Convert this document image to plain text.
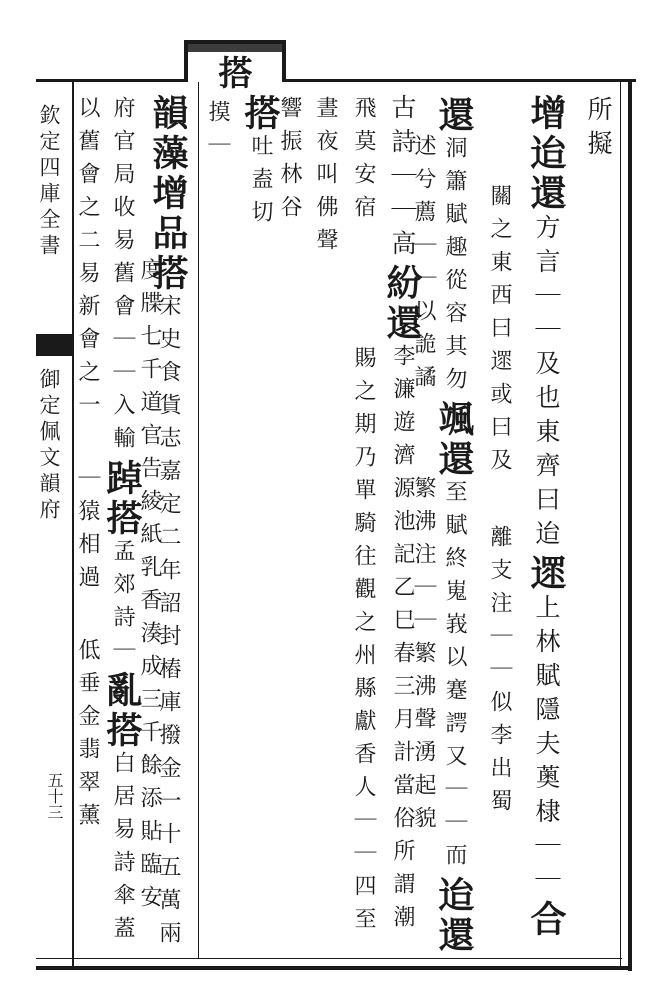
搭
欽定四庫全書
御定佩文韻府
五十三
所擬
增迨還方言｜｜及也東齊曰迨遝上林賦隱夫薁棣｜｜合
關之東西曰遝或曰及離支注｜｜似李出蜀
還洞簫賦趣從容其勿颯還至賦終嵬峩以蹇諤又｜｜而迨還
述兮薦｜｜以詭譎繁沸注｜｜繁沸聲湧起貌
古詩｜｜高紛還李濂遊濟源池記乙巳春三月計當俗所謂潮
飛莫安宿賜之期乃單騎往觀之州縣獻香人｜｜四至
晝夜叫佛聲
響振林谷
搭吐盍切
摸｜
韻藻增品搭宋史食貨志嘉定二年詔封樁庫撥金一十五萬兩
度牒七千道官告綾紙乳香湊成三千餘添貼臨安
府官局收易舊會｜｜入輸踔搭孟郊詩｜亂搭白居易詩傘蓋
以舊會之二易新會之一｜猿相過低垂金翡翠薰
